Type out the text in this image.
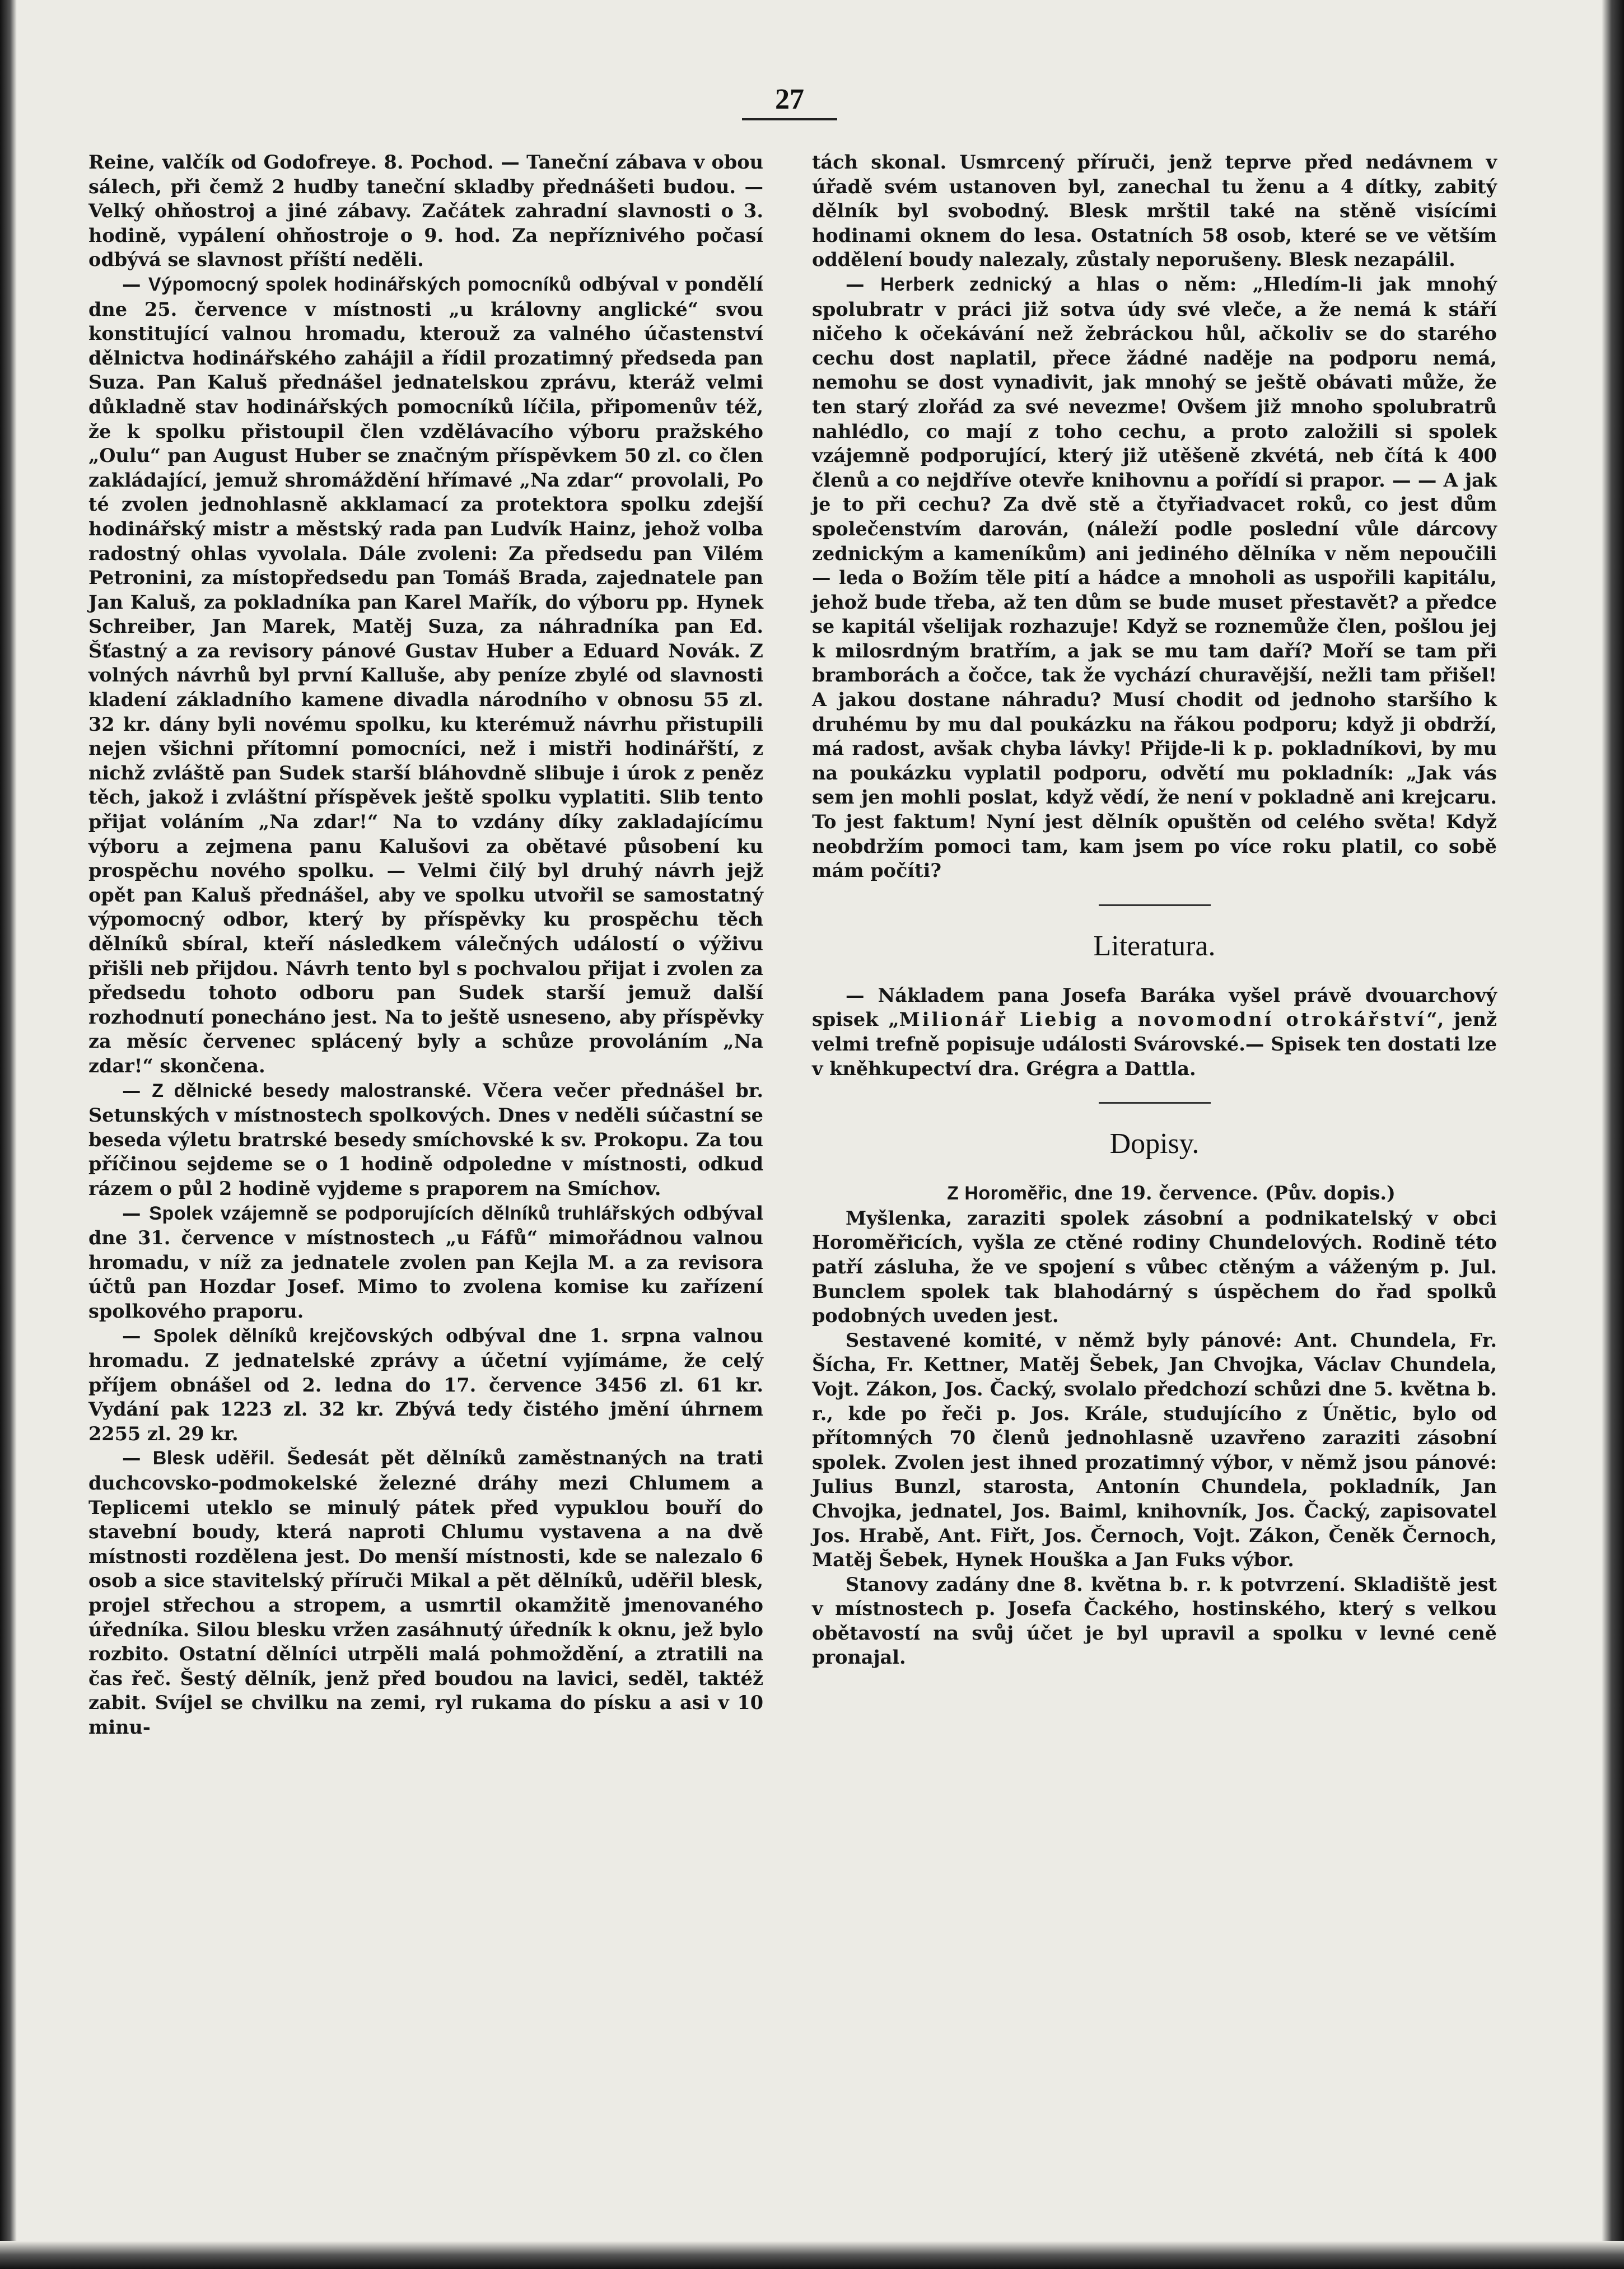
27

Reine, valčík od Godofreye. 8. Pochod. — Taneční zábava v obou sálech, při čemž 2 hudby taneční skladby přednášeti budou. — Velký ohňostroj a jiné zábavy. Začátek zahradní slavnosti o 3. hodině, vypálení ohňostroje o 9. hod. Za nepříznivého počasí odbývá se slavnost příští neděli.

— Výpomocný spolek hodinářských pomocníků odbýval v pondělí dne 25. července v místnosti „u královny anglické“ svou konstitující valnou hromadu, kterouž za valného účastenství dělnictva hodinářského zahájil a řídil prozatimný předseda pan Suza. Pan Kaluš přednášel jednatelskou zprávu, kteráž velmi důkladně stav hodinářských pomocníků líčila, připomenův též, že k spolku přistoupil člen vzdělávacího výboru pražského „Oulu“ pan August Huber se značným příspěvkem 50 zl. co člen zakládající, jemuž shromáždění hřímavé „Na zdar“ provolali, Po té zvolen jednohlasně akklamací za protektora spolku zdejší hodinářský mistr a městský rada pan Ludvík Hainz, jehož volba radostný ohlas vyvolala. Dále zvoleni: Za předsedu pan Vilém Petronini, za místopředsedu pan Tomáš Brada, zajednatele pan Jan Kaluš, za pokladníka pan Karel Mařík, do výboru pp. Hynek Schreiber, Jan Marek, Matěj Suza, za náhradníka pan Ed. Šťastný a za revisory pánové Gustav Huber a Eduard Novák. Z volných návrhů byl první Kalluše, aby peníze zbylé od slavnosti kladení základního kamene divadla národního v obnosu 55 zl. 32 kr. dány byli novému spolku, ku kterémuž návrhu přistupili nejen všichni přítomní pomocníci, než i mistři hodinářští, z nichž zvláště pan Sudek starší bláhovdně slibuje i úrok z peněz těch, jakož i zvláštní příspěvek ještě spolku vyplatiti. Slib tento přijat voláním „Na zdar!“ Na to vzdány díky zakladajícímu výboru a zejmena panu Kalušovi za obětavé působení ku prospěchu nového spolku. — Velmi čilý byl druhý návrh jejž opět pan Kaluš přednášel, aby ve spolku utvořil se samostatný výpomocný odbor, který by příspěvky ku prospěchu těch dělníků sbíral, kteří následkem válečných událostí o výživu přišli neb přijdou. Návrh tento byl s pochvalou přijat i zvolen za předsedu tohoto odboru pan Sudek starší jemuž další rozhodnutí ponecháno jest. Na to ještě usneseno, aby příspěvky za měsíc červenec splácený byly a schůze provoláním „Na zdar!“ skončena.

— Z dělnické besedy malostranské. Včera večer přednášel br. Setunských v místnostech spolkových. Dnes v neděli súčastní se beseda výletu bratrské besedy smíchovské k sv. Prokopu. Za tou příčinou sejdeme se o 1 hodině odpoledne v místnosti, odkud rázem o půl 2 hodině vyjdeme s praporem na Smíchov.

— Spolek vzájemně se podporujících dělníků truhlářských odbýval dne 31. července v místnostech „u Fáfů“ mimořádnou valnou hromadu, v níž za jednatele zvolen pan Kejla M. a za revisora účtů pan Hozdar Josef. Mimo to zvolena komise ku zařízení spolkového praporu.

— Spolek dělníků krejčovských odbýval dne 1. srpna valnou hromadu. Z jednatelské zprávy a účetní vyjímáme, že celý příjem obnášel od 2. ledna do 17. července 3456 zl. 61 kr. Vydání pak 1223 zl. 32 kr. Zbývá tedy čistého jmění úhrnem 2255 zl. 29 kr.

— Blesk uděřil. Šedesát pět dělníků zaměstnaných na trati duchcovsko-podmokelské železné dráhy mezi Chlumem a Teplicemi uteklo se minulý pátek před vypuklou bouří do stavební boudy, která naproti Chlumu vystavena a na dvě místnosti rozdělena jest. Do menší místnosti, kde se nalezalo 6 osob a sice stavitelský příruči Mikal a pět dělníků, uděřil blesk, projel střechou a stropem, a usmrtil okamžitě jmenovaného úředníka. Silou blesku vržen zasáhnutý úředník k oknu, jež bylo rozbito. Ostatní dělníci utrpěli malá pohmoždění, a ztratili na čas řeč. Šestý dělník, jenž před boudou na lavici, seděl, taktéž zabit. Svíjel se chvilku na zemi, ryl rukama do písku a asi v 10 minu-

tách skonal. Usmrcený příruči, jenž teprve před nedávnem v úřadě svém ustanoven byl, zanechal tu ženu a 4 dítky, zabitý dělník byl svobodný. Blesk mrštil také na stěně visícími hodinami oknem do lesa. Ostatních 58 osob, které se ve větším oddělení boudy nalezaly, zůstaly neporušeny. Blesk nezapálil.

— Herberk zednický a hlas o něm: „Hledím-li jak mnohý spolubratr v práci již sotva údy své vleče, a že nemá k stáří ničeho k očekávání než žebráckou hůl, ačkoliv se do starého cechu dost naplatil, přece žádné naděje na podporu nemá, nemohu se dost vynadivit, jak mnohý se ještě obávati může, že ten starý zlořád za své nevezme! Ovšem již mnoho spolubratrů nahlédlo, co mají z toho cechu, a proto založili si spolek vzájemně podporující, který již utěšeně zkvétá, neb čítá k 400 členů a co nejdříve otevře knihovnu a pořídí si prapor. — — A jak je to při cechu? Za dvě stě a čtyřiadvacet roků, co jest dům společenstvím darován, (náleží podle poslední vůle dárcovy zednickým a kameníkům) ani jediného dělníka v něm nepoučili — leda o Božím těle pití a hádce a mnoholi as uspořili kapitálu, jehož bude třeba, až ten dům se bude muset přestavět? a předce se kapitál všelijak rozhazuje! Když se roznemůže člen, pošlou jej k milosrdným bratřím, a jak se mu tam daří? Moří se tam při bramborách a čočce, tak že vychází churavější, nežli tam přišel! A jakou dostane náhradu? Musí chodit od jednoho staršího k druhému by mu dal poukázku na řákou podporu; když ji obdrží, má radost, avšak chyba lávky! Přijde-li k p. pokladníkovi, by mu na poukázku vyplatil podporu, odvětí mu pokladník: „Jak vás sem jen mohli poslat, když vědí, že není v pokladně ani krejcaru. To jest faktum! Nyní jest dělník opuštěn od celého světa! Když neobdržím pomoci tam, kam jsem po více roku platil, co sobě mám počíti?

Literatura.

— Nákladem pana Josefa Baráka vyšel právě dvouarchový spisek „Milionář Liebig a novomodní otrokářství“, jenž velmi trefně popisuje události Svárovské.— Spisek ten dostati lze v kněhkupectví dra. Grégra a Dattla.

Dopisy.

Z Horoměřic, dne 19. července. (Pův. dopis.)

Myšlenka, zaraziti spolek zásobní a podnikatelský v obci Horoměřicích, vyšla ze ctěné rodiny Chundelových. Rodině této patří zásluha, že ve spojení s vůbec ctěným a váženým p. Jul. Bunclem spolek tak blahodárný s úspěchem do řad spolků podobných uveden jest.

Sestavené komité, v němž byly pánové: Ant. Chundela, Fr. Šícha, Fr. Kettner, Matěj Šebek, Jan Chvojka, Václav Chundela, Vojt. Zákon, Jos. Čacký, svolalo předchozí schůzi dne 5. května b. r., kde po řeči p. Jos. Krále, studujícího z Únětic, bylo od přítomných 70 členů jednohlasně uzavřeno zaraziti zásobní spolek. Zvolen jest ihned prozatimný výbor, v němž jsou pánové: Julius Bunzl, starosta, Antonín Chundela, pokladník, Jan Chvojka, jednatel, Jos. Baiml, knihovník, Jos. Čacký, zapisovatel Jos. Hrabě, Ant. Fiřt, Jos. Černoch, Vojt. Zákon, Čeněk Černoch, Matěj Šebek, Hynek Houška a Jan Fuks výbor.

Stanovy zadány dne 8. května b. r. k potvrzení. Skladiště jest v místnostech p. Josefa Čackého, hostinského, který s velkou obětavostí na svůj účet je byl upravil a spolku v levné ceně pronajal.
